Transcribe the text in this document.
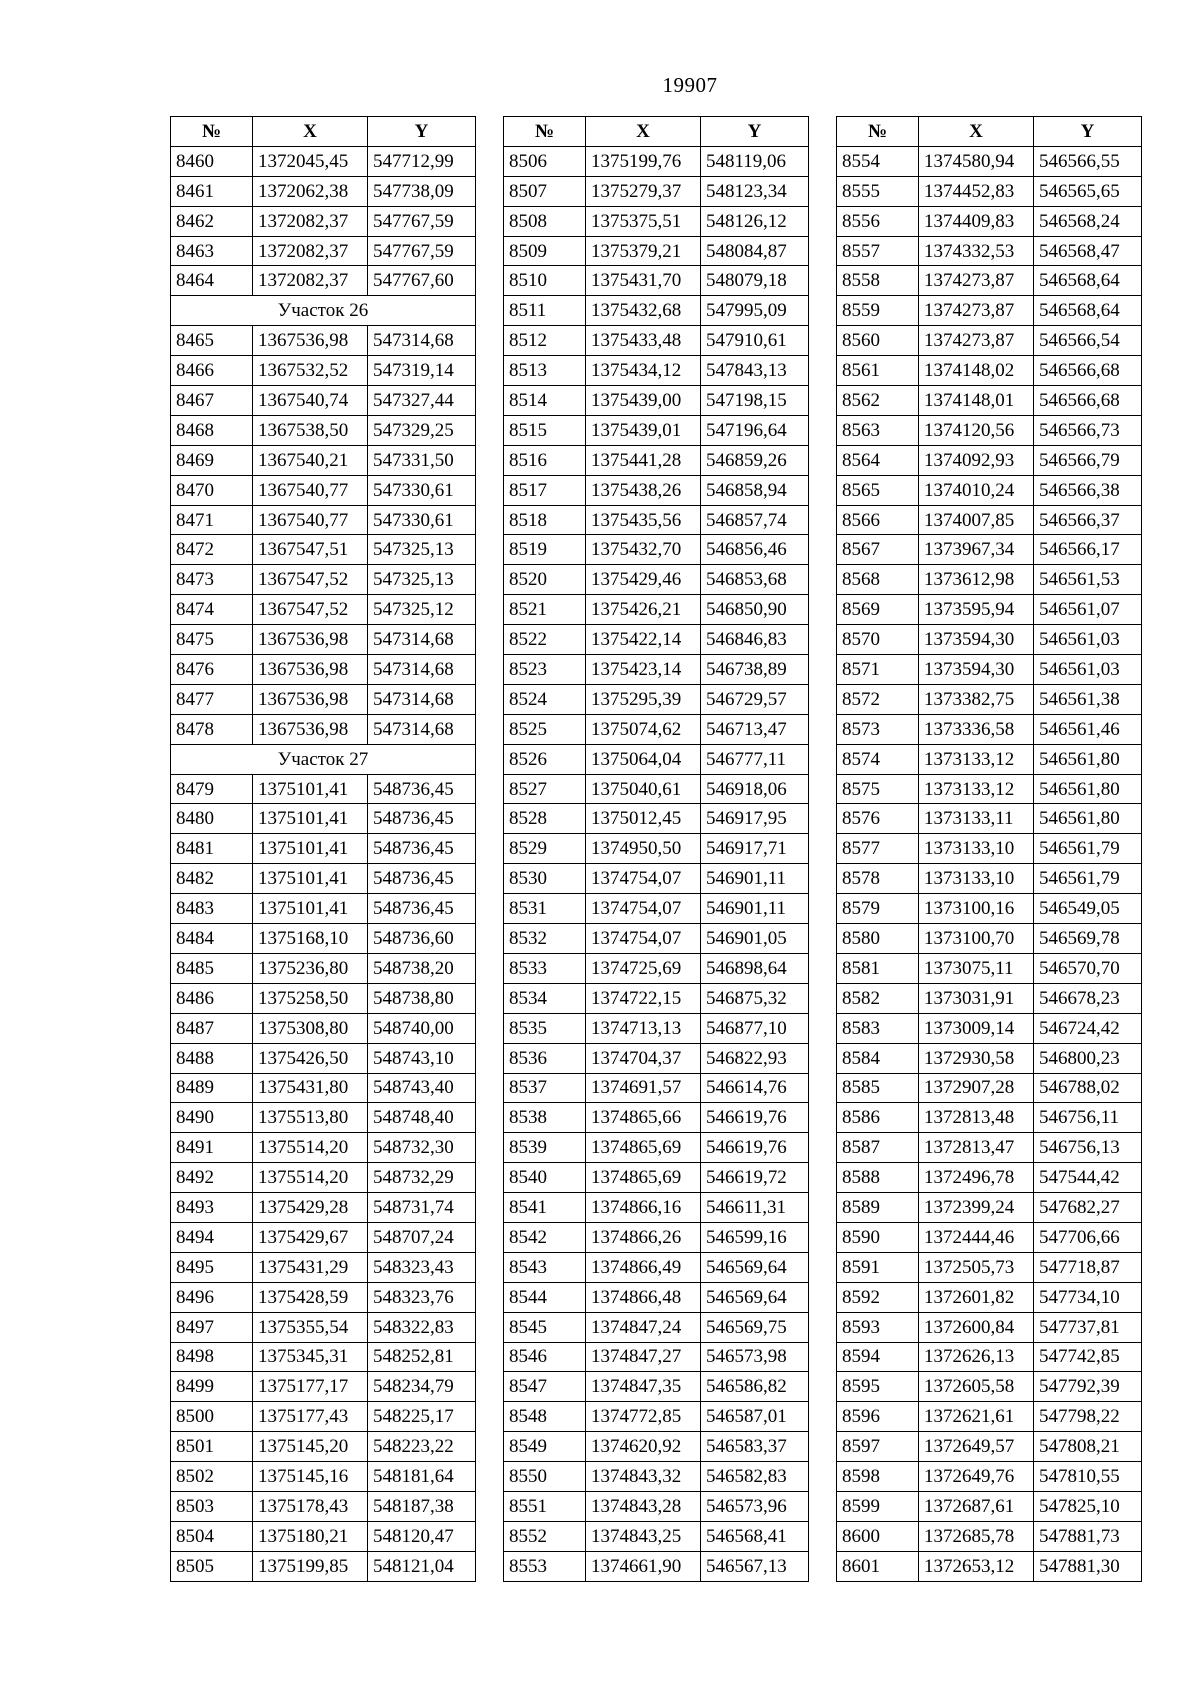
19907
№	X	Y
8460	1372045,45	547712,99
8461	1372062,38	547738,09
8462	1372082,37	547767,59
8463	1372082,37	547767,59
8464	1372082,37	547767,60
Участок 26		
8465	1367536,98	547314,68
8466	1367532,52	547319,14
8467	1367540,74	547327,44
8468	1367538,50	547329,25
8469	1367540,21	547331,50
8470	1367540,77	547330,61
8471	1367540,77	547330,61
8472	1367547,51	547325,13
8473	1367547,52	547325,13
8474	1367547,52	547325,12
8475	1367536,98	547314,68
8476	1367536,98	547314,68
8477	1367536,98	547314,68
8478	1367536,98	547314,68
Участок 27		
8479	1375101,41	548736,45
8480	1375101,41	548736,45
8481	1375101,41	548736,45
8482	1375101,41	548736,45
8483	1375101,41	548736,45
8484	1375168,10	548736,60
8485	1375236,80	548738,20
8486	1375258,50	548738,80
8487	1375308,80	548740,00
8488	1375426,50	548743,10
8489	1375431,80	548743,40
8490	1375513,80	548748,40
8491	1375514,20	548732,30
8492	1375514,20	548732,29
8493	1375429,28	548731,74
8494	1375429,67	548707,24
8495	1375431,29	548323,43
8496	1375428,59	548323,76
8497	1375355,54	548322,83
8498	1375345,31	548252,81
8499	1375177,17	548234,79
8500	1375177,43	548225,17
8501	1375145,20	548223,22
8502	1375145,16	548181,64
8503	1375178,43	548187,38
8504	1375180,21	548120,47
8505	1375199,85	548121,04
№	X	Y
8506	1375199,76	548119,06
8507	1375279,37	548123,34
8508	1375375,51	548126,12
8509	1375379,21	548084,87
8510	1375431,70	548079,18
8511	1375432,68	547995,09
8512	1375433,48	547910,61
8513	1375434,12	547843,13
8514	1375439,00	547198,15
8515	1375439,01	547196,64
8516	1375441,28	546859,26
8517	1375438,26	546858,94
8518	1375435,56	546857,74
8519	1375432,70	546856,46
8520	1375429,46	546853,68
8521	1375426,21	546850,90
8522	1375422,14	546846,83
8523	1375423,14	546738,89
8524	1375295,39	546729,57
8525	1375074,62	546713,47
8526	1375064,04	546777,11
8527	1375040,61	546918,06
8528	1375012,45	546917,95
8529	1374950,50	546917,71
8530	1374754,07	546901,11
8531	1374754,07	546901,11
8532	1374754,07	546901,05
8533	1374725,69	546898,64
8534	1374722,15	546875,32
8535	1374713,13	546877,10
8536	1374704,37	546822,93
8537	1374691,57	546614,76
8538	1374865,66	546619,76
8539	1374865,69	546619,76
8540	1374865,69	546619,72
8541	1374866,16	546611,31
8542	1374866,26	546599,16
8543	1374866,49	546569,64
8544	1374866,48	546569,64
8545	1374847,24	546569,75
8546	1374847,27	546573,98
8547	1374847,35	546586,82
8548	1374772,85	546587,01
8549	1374620,92	546583,37
8550	1374843,32	546582,83
8551	1374843,28	546573,96
8552	1374843,25	546568,41
8553	1374661,90	546567,13
№	X	Y
8554	1374580,94	546566,55
8555	1374452,83	546565,65
8556	1374409,83	546568,24
8557	1374332,53	546568,47
8558	1374273,87	546568,64
8559	1374273,87	546568,64
8560	1374273,87	546566,54
8561	1374148,02	546566,68
8562	1374148,01	546566,68
8563	1374120,56	546566,73
8564	1374092,93	546566,79
8565	1374010,24	546566,38
8566	1374007,85	546566,37
8567	1373967,34	546566,17
8568	1373612,98	546561,53
8569	1373595,94	546561,07
8570	1373594,30	546561,03
8571	1373594,30	546561,03
8572	1373382,75	546561,38
8573	1373336,58	546561,46
8574	1373133,12	546561,80
8575	1373133,12	546561,80
8576	1373133,11	546561,80
8577	1373133,10	546561,79
8578	1373133,10	546561,79
8579	1373100,16	546549,05
8580	1373100,70	546569,78
8581	1373075,11	546570,70
8582	1373031,91	546678,23
8583	1373009,14	546724,42
8584	1372930,58	546800,23
8585	1372907,28	546788,02
8586	1372813,48	546756,11
8587	1372813,47	546756,13
8588	1372496,78	547544,42
8589	1372399,24	547682,27
8590	1372444,46	547706,66
8591	1372505,73	547718,87
8592	1372601,82	547734,10
8593	1372600,84	547737,81
8594	1372626,13	547742,85
8595	1372605,58	547792,39
8596	1372621,61	547798,22
8597	1372649,57	547808,21
8598	1372649,76	547810,55
8599	1372687,61	547825,10
8600	1372685,78	547881,73
8601	1372653,12	547881,30
